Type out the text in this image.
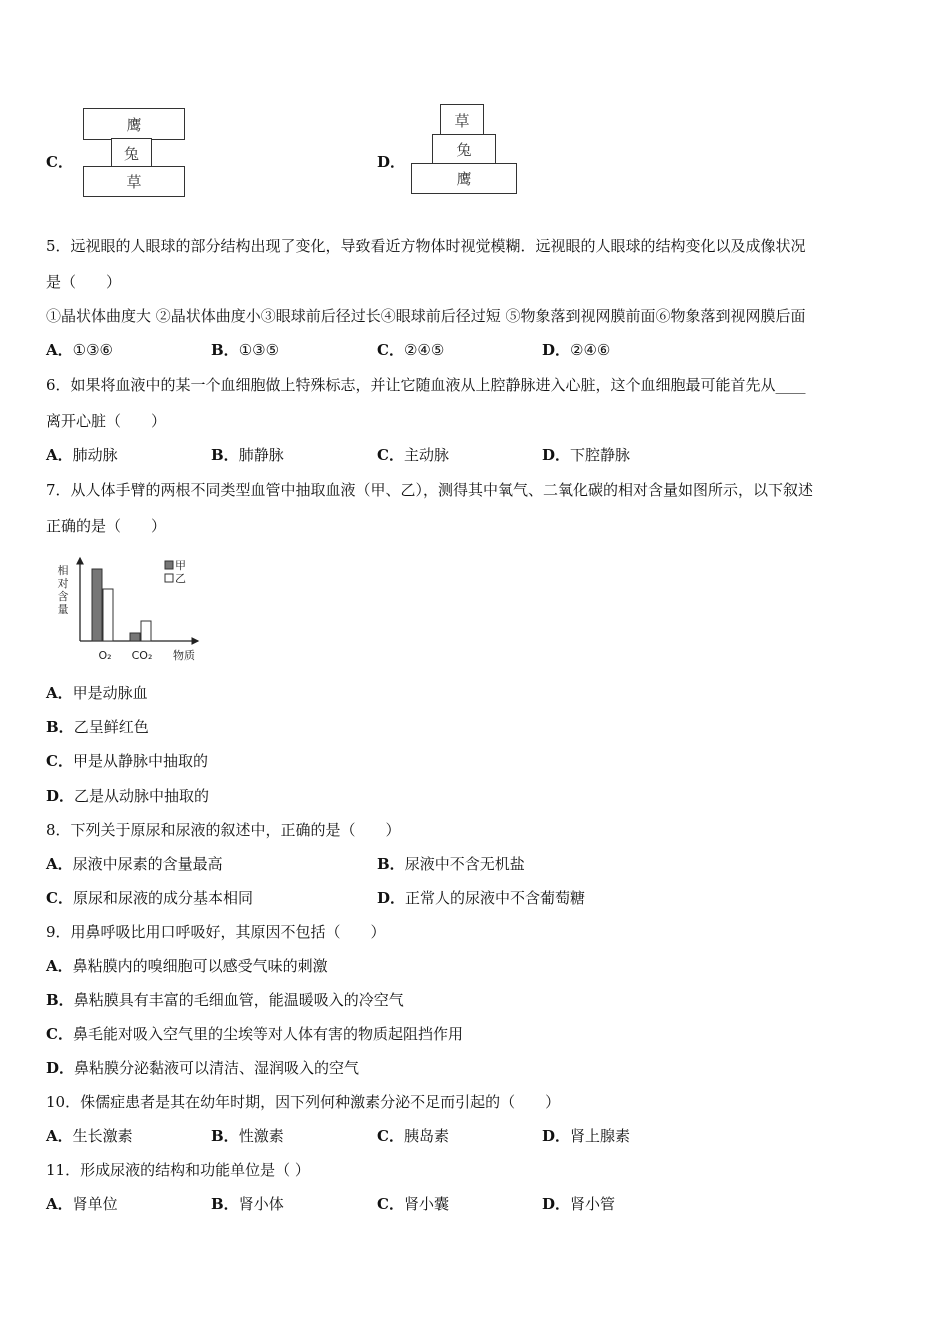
C．
鹰
兔
草
D．
草
兔
鹰
5．远视眼的人眼球的部分结构出现了变化，导致看近方物体时视觉模糊．远视眼的人眼球的结构变化以及成像状况
是（　　）
①晶状体曲度大 ②晶状体曲度小③眼球前后径过长④眼球前后径过短 ⑤物象落到视网膜前面⑥物象落到视网膜后面
A．①③⑥	B．①③⑤	C．②④⑤	D．②④⑥
6．如果将血液中的某一个血细胞做上特殊标志，并让它随血液从上腔静脉进入心脏，这个血细胞最可能首先从____
离开心脏（　　）
A．肺动脉	B．肺静脉	C．主动脉	D．下腔静脉
7．从人体手臂的两根不同类型血管中抽取血液（甲、乙），测得其中氧气、二氧化碳的相对含量如图所示，以下叙述
正确的是（　　）
相
对
含
量
O₂ CO₂ 物质
甲
乙
A．甲是动脉血
B．乙呈鲜红色
C．甲是从静脉中抽取的
D．乙是从动脉中抽取的
8．下列关于原尿和尿液的叙述中，正确的是（　　）
A．尿液中尿素的含量最高	B．尿液中不含无机盐
C．原尿和尿液的成分基本相同	D．正常人的尿液中不含葡萄糖
9．用鼻呼吸比用口呼吸好，其原因不包括（　　）
A．鼻粘膜内的嗅细胞可以感受气味的刺激
B．鼻粘膜具有丰富的毛细血管，能温暖吸入的冷空气
C．鼻毛能对吸入空气里的尘埃等对人体有害的物质起阻挡作用
D．鼻粘膜分泌黏液可以清洁、湿润吸入的空气
10．侏儒症患者是其在幼年时期，因下列何种激素分泌不足而引起的（　　）
A．生长激素	B．性激素	C．胰岛素	D．肾上腺素
11．形成尿液的结构和功能单位是（ ）
A．肾单位	B．肾小体	C．肾小囊	D．肾小管
